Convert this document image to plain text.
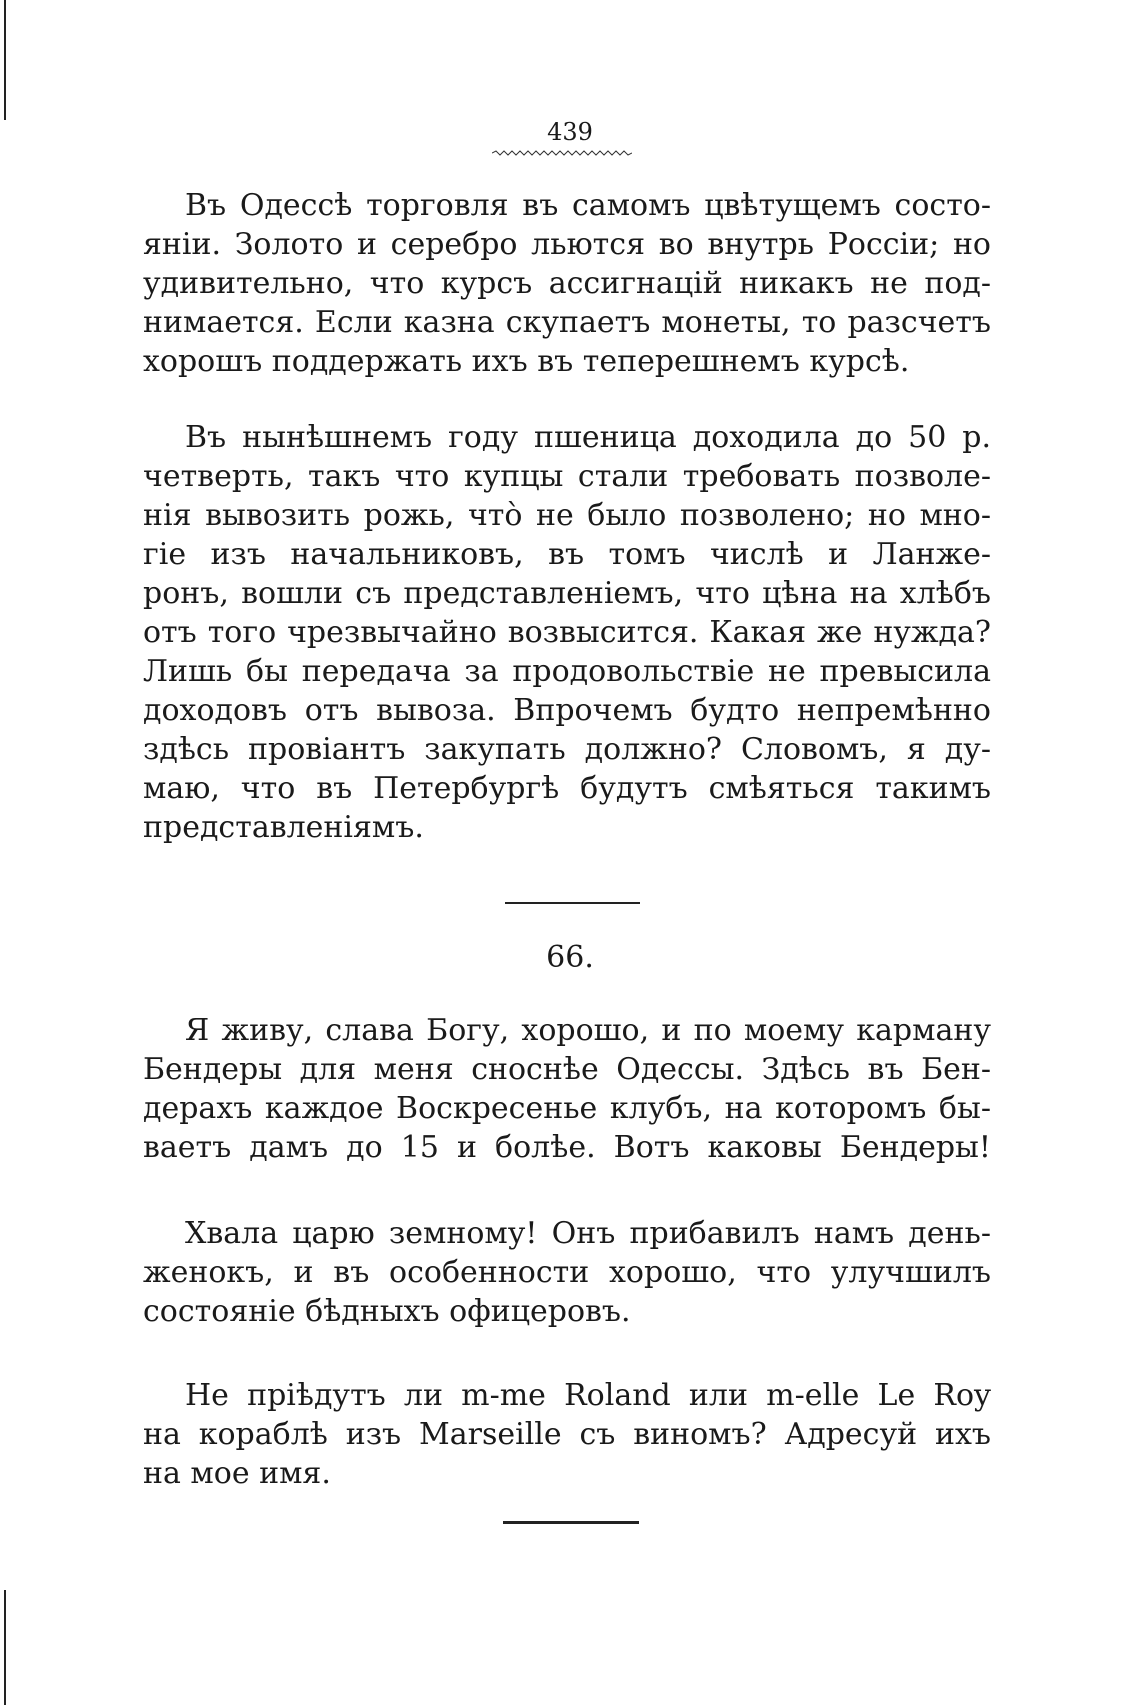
439
Въ Одессѣ торговля въ самомъ цвѣтущемъ состо-
яніи. Золото и серебро льются во внутрь Россіи; но
удивительно, что курсъ ассигнацій никакъ не под-
нимается. Если казна скупаетъ монеты, то разсчетъ
хорошъ поддержать ихъ въ теперешнемъ курсѣ.
Въ нынѣшнемъ году пшеница доходила до 50 р.
четверть, такъ что купцы стали требовать позволе-
нія вывозить рожь, что̀ не было позволено; но мно-
гіе изъ начальниковъ, въ томъ числѣ и Ланже-
ронъ, вошли съ представленіемъ, что цѣна на хлѣбъ
отъ того чрезвычайно возвысится. Какая же нужда?
Лишь бы передача за продовольствіе не превысила
доходовъ отъ вывоза. Впрочемъ будто непремѣнно
здѣсь провіантъ закупать должно? Словомъ, я ду-
маю, что въ Петербургѣ будутъ смѣяться такимъ
представленіямъ.
66.
Я живу, слава Богу, хорошо, и по моему карману
Бендеры для меня сноснѣе Одессы. Здѣсь въ Бен-
дерахъ каждое Воскресенье клубъ, на которомъ бы-
ваетъ дамъ до 15 и болѣе. Вотъ каковы Бендеры!
Хвала царю земному! Онъ прибавилъ намъ день-
женокъ, и въ особенности хорошо, что улучшилъ
состояніе бѣдныхъ офицеровъ.
Не пріѣдутъ ли m-me Roland или m-elle Le Roy
на кораблѣ изъ Marseille съ виномъ? Адресуй ихъ
на мое имя.
